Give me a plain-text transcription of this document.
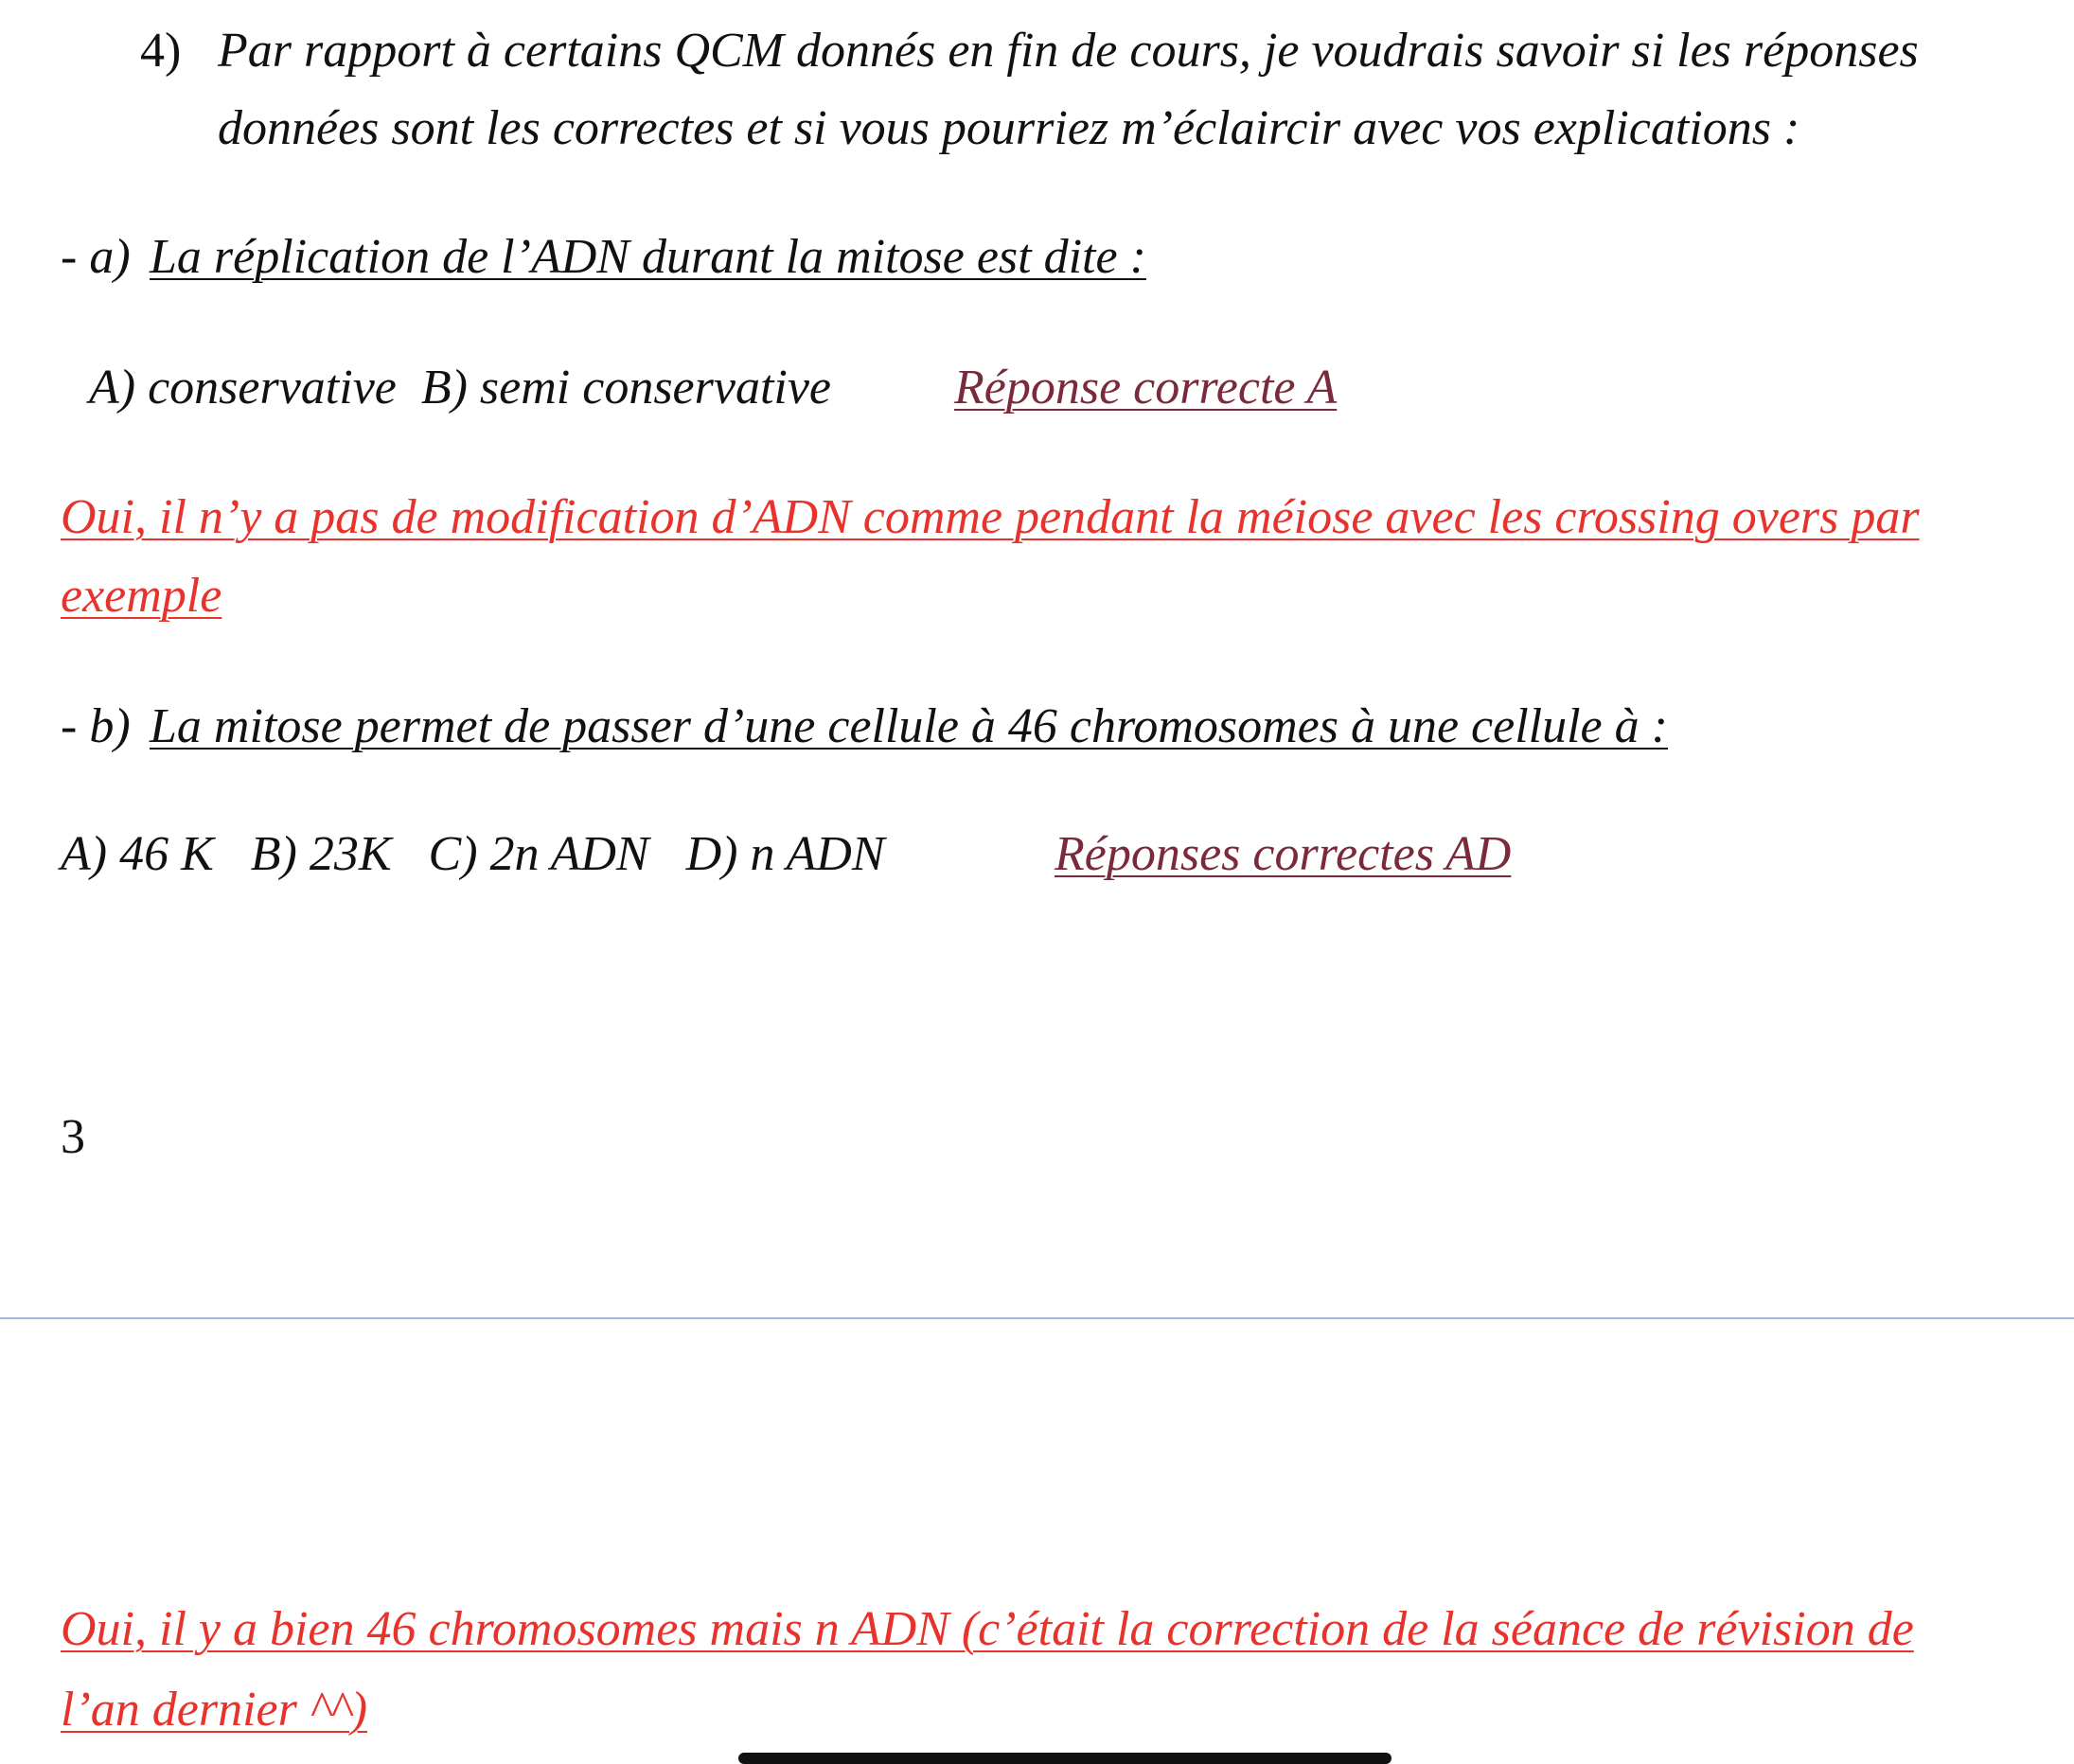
4) Par rapport à certains QCM donnés en fin de cours, je voudrais savoir si les réponses
données sont les correctes et si vous pourriez m’éclaircir avec vos explications :
- a) La réplication de l’ADN durant la mitose est dite :
A) conservative  B) semi conservative Réponse correcte A
Oui, il n’y a pas de modification d’ADN comme pendant la méiose avec les crossing overs par
exemple
- b) La mitose permet de passer d’une cellule à 46 chromosomes à une cellule à :
A) 46 K   B) 23K   C) 2n ADN   D) n ADN	Réponses correctes AD
3
Oui, il y a bien 46 chromosomes mais n ADN (c’était la correction de la séance de révision de
l’an dernier ^^)
